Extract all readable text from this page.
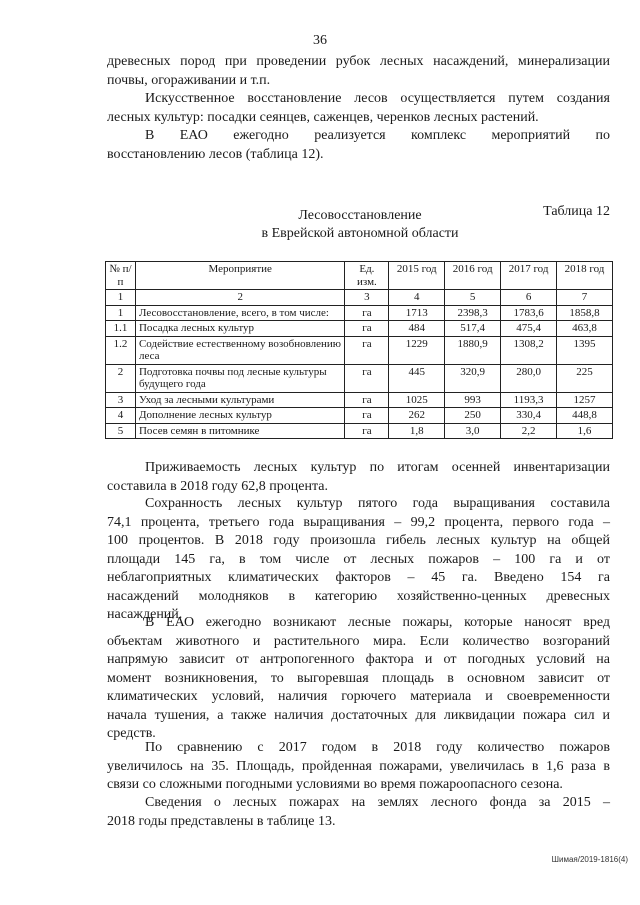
36
древесных пород при проведении рубок лесных насаждений, минерализации
почвы, огораживании и т.п.
Искусственное восстановление лесов осуществляется путем создания
лесных культур: посадки сеянцев, саженцев, черенков лесных растений.
В ЕАО ежегодно реализуется комплекс мероприятий по
восстановлению лесов (таблица 12).
Таблица 12
Лесовосстановление
в Еврейской автономной области
№ п/п	Мероприятие	Ед. изм.	2015 год	2016 год	2017 год	2018 год
1	2	3	4	5	6	7
1	Лесовосстановление, всего, в том числе:	га	1713	2398,3	1783,6	1858,8
1.1	Посадка лесных культур	га	484	517,4	475,4	463,8
1.2	Содействие естественному возобновлению леса	га	1229	1880,9	1308,2	1395
2	Подготовка почвы под лесные культуры будущего года	га	445	320,9	280,0	225
3	Уход за лесными культурами	га	1025	993	1193,3	1257
4	Дополнение лесных культур	га	262	250	330,4	448,8
5	Посев семян в питомнике	га	1,8	3,0	2,2	1,6
Приживаемость лесных культур по итогам осенней инвентаризации
составила в 2018 году 62,8 процента.
Сохранность лесных культур пятого года выращивания составила
74,1 процента, третьего года выращивания – 99,2 процента, первого года –
100 процентов. В 2018 году произошла гибель лесных культур на общей
площади 145 га, в том числе от лесных пожаров – 100 га и от
неблагоприятных климатических факторов – 45 га. Введено 154 га
насаждений молодняков в категорию хозяйственно-ценных древесных
насаждений.
В ЕАО ежегодно возникают лесные пожары, которые наносят вред
объектам животного и растительного мира. Если количество возгораний
напрямую зависит от антропогенного фактора и от погодных условий на
момент возникновения, то выгоревшая площадь в основном зависит от
климатических условий, наличия горючего материала и своевременности
начала тушения, а также наличия достаточных для ликвидации пожара сил и
средств.
По сравнению с 2017 годом в 2018 году количество пожаров
увеличилось на 35. Площадь, пройденная пожарами, увеличилась в 1,6 раза в
связи со сложными погодными условиями во время пожароопасного сезона.
Сведения о лесных пожарах на землях лесного фонда за 2015 –
2018 годы представлены в таблице 13.
Шимая/2019-1816(4)
